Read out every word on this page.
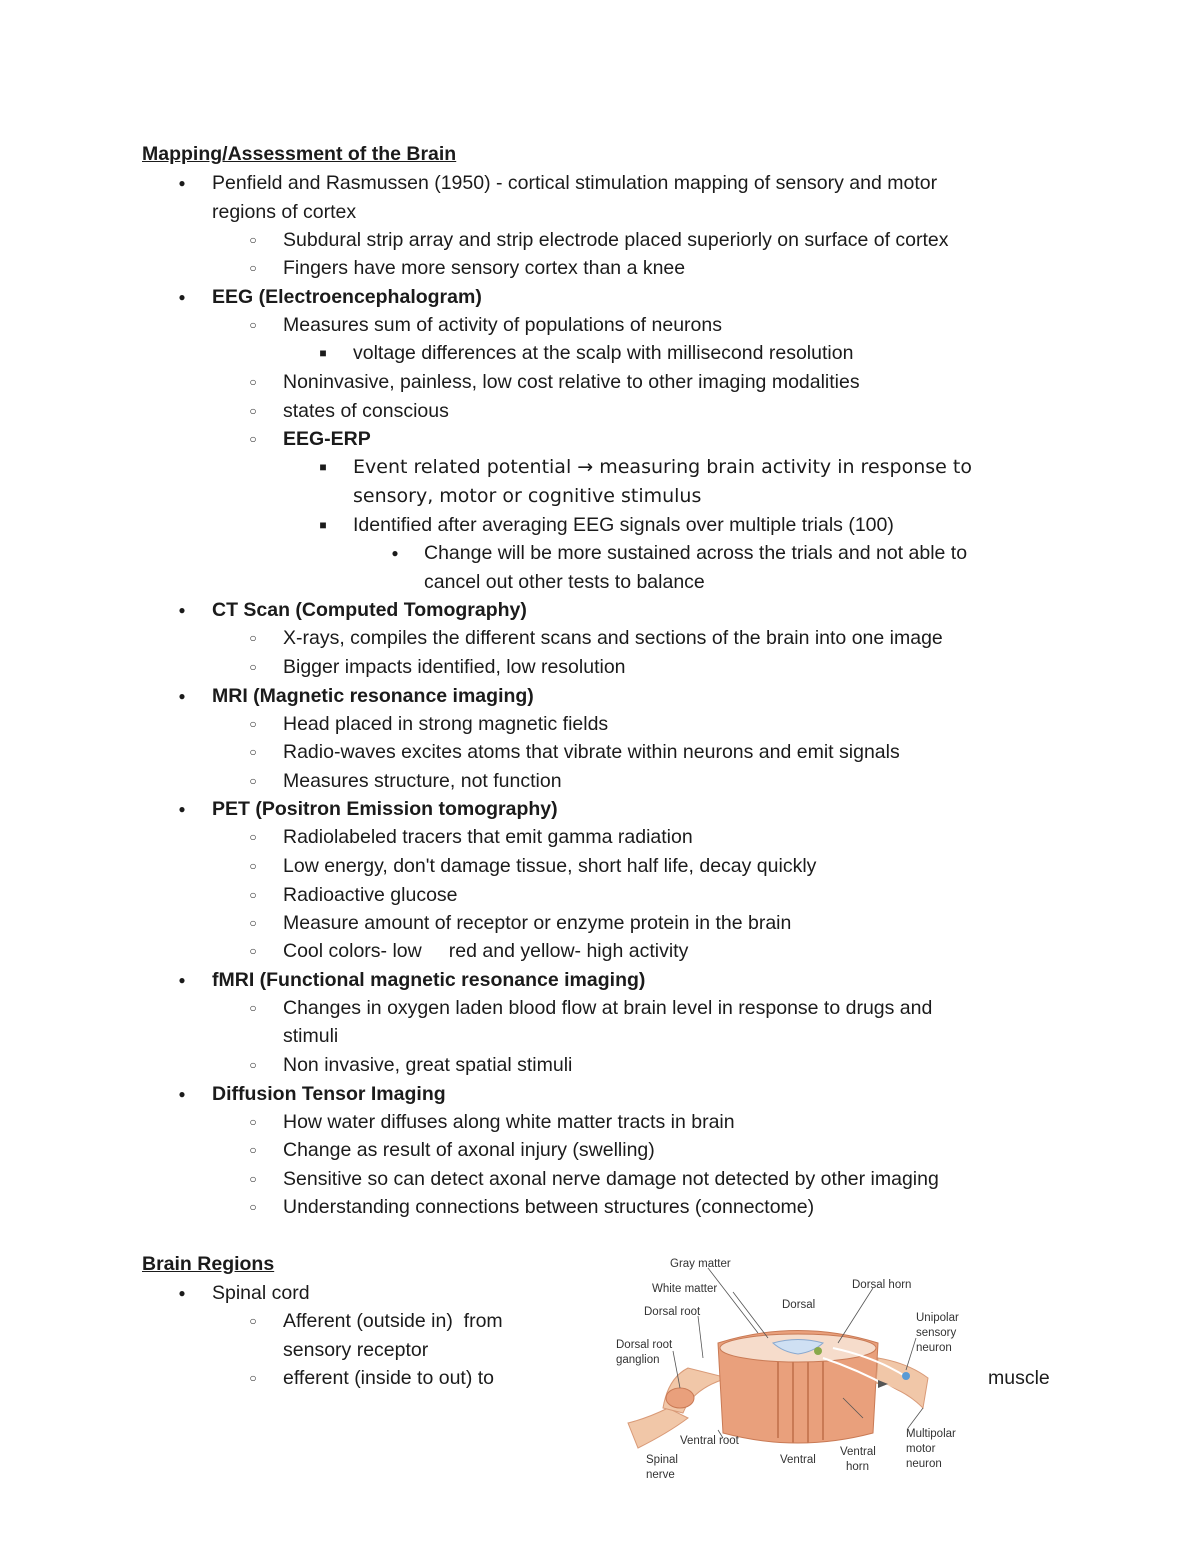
Mapping/Assessment of the Brain
●	Penfield and Rasmussen (1950) - cortical stimulation mapping of sensory and motor
regions of cortex
○	Subdural strip array and strip electrode placed superiorly on surface of cortex
○	Fingers have more sensory cortex than a knee
●	EEG (Electroencephalogram)
○	Measures sum of activity of populations of neurons
■	voltage differences at the scalp with millisecond resolution
○	Noninvasive, painless, low cost relative to other imaging modalities
○	states of conscious
○	EEG-ERP
■	Event related potential → measuring brain activity in response to
sensory, motor or cognitive stimulus
■	Identified after averaging EEG signals over multiple trials (100)
●	Change will be more sustained across the trials and not able to
cancel out other tests to balance
●	CT Scan (Computed Tomography)
○	X-rays, compiles the different scans and sections of the brain into one image
○	Bigger impacts identified, low resolution
●	MRI (Magnetic resonance imaging)
○	Head placed in strong magnetic fields
○	Radio-waves excites atoms that vibrate within neurons and emit signals
○	Measures structure, not function
●	PET (Positron Emission tomography)
○	Radiolabeled tracers that emit gamma radiation
○	Low energy, don't damage tissue, short half life, decay quickly
○	Radioactive glucose
○	Measure amount of receptor or enzyme protein in the brain
○	Cool colors- low     red and yellow- high activity
●	fMRI (Functional magnetic resonance imaging)
○	Changes in oxygen laden blood flow at brain level in response to drugs and
stimuli
○	Non invasive, great spatial stimuli
●	Diffusion Tensor Imaging
○	How water diffuses along white matter tracts in brain
○	Change as result of axonal injury (swelling)
○	Sensitive so can detect axonal nerve damage not detected by other imaging
○	Understanding connections between structures (connectome)
Brain Regions
●	Spinal cord
○	Afferent (outside in)  from
sensory receptor
○	efferent (inside to out) to	muscle
Gray matter
White matter
Dorsal root
Dorsal
Dorsal horn
Unipolar
sensory
neuron
Dorsal root
ganglion
Ventral root
Spinal
nerve
Ventral
Ventral
horn
Multipolar
motor
neuron
